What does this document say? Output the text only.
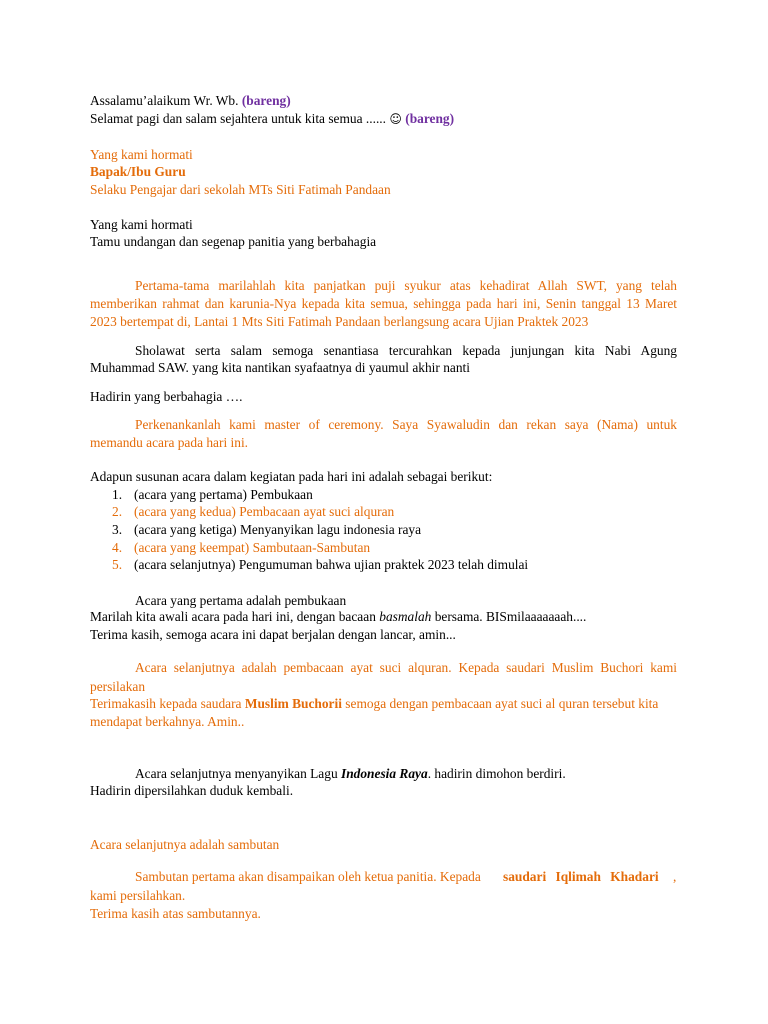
Assalamu’alaikum Wr. Wb. (bareng)
Selamat pagi dan salam sejahtera untuk kita semua ...... ☺ (bareng)
Yang kami hormati
Bapak/Ibu Guru
Selaku Pengajar dari sekolah MTs Siti Fatimah Pandaan
Yang kami hormati
Tamu undangan dan segenap panitia yang berbahagia
Pertama-tama marilahlah kita panjatkan puji syukur atas kehadirat Allah SWT, yang telah
memberikan rahmat dan karunia-Nya kepada kita semua, sehingga pada hari ini, Senin tanggal 13 Maret
2023 bertempat di, Lantai 1 Mts Siti Fatimah Pandaan berlangsung acara Ujian Praktek 2023
Sholawat serta salam semoga senantiasa tercurahkan kepada junjungan kita Nabi Agung
Muhammad SAW. yang kita nantikan syafaatnya di yaumul akhir nanti
Hadirin yang berbahagia ….
Perkenankanlah kami master of ceremony. Saya Syawaludin dan rekan saya (Nama) untuk
memandu acara pada hari ini.
Adapun susunan acara dalam kegiatan pada hari ini adalah sebagai berikut:
1. (acara yang pertama) Pembukaan
2. (acara yang kedua) Pembacaan ayat suci alquran
3. (acara yang ketiga) Menyanyikan lagu indonesia raya
4. (acara yang keempat) Sambutaan-Sambutan
5. (acara selanjutnya) Pengumuman bahwa ujian praktek 2023 telah dimulai
Acara yang pertama adalah pembukaan
Marilah kita awali acara pada hari ini, dengan bacaan basmalah bersama. BISmilaaaaaaah....
Terima kasih, semoga acara ini dapat berjalan dengan lancar, amin...
Acara selanjutnya adalah pembacaan ayat suci alquran. Kepada saudari Muslim Buchori kami
persilakan
Terimakasih kepada saudara Muslim Buchorii semoga dengan pembacaan ayat suci al quran tersebut kita
mendapat berkahnya. Amin..
Acara selanjutnya menyanyikan Lagu Indonesia Raya. hadirin dimohon berdiri.
Hadirin dipersilahkan duduk kembali.
Acara selanjutnya adalah sambutan
Sambutan pertama akan disampaikan oleh ketua panitia. Kepada saudari Iqlimah Khadari ,
kami persilahkan.
Terima kasih atas sambutannya.
